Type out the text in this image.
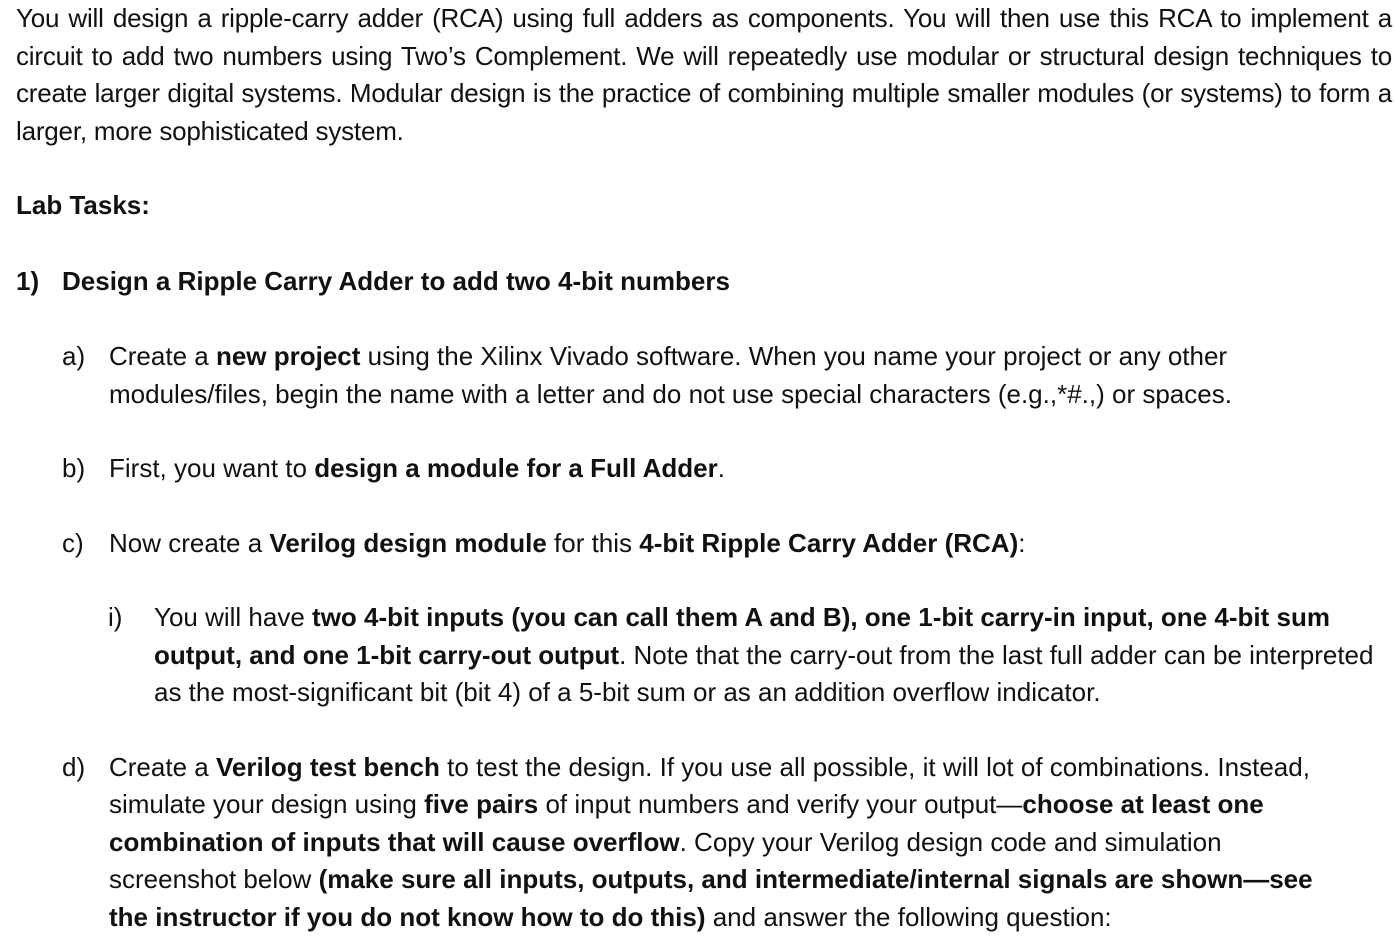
You will design a ripple-carry adder (RCA) using full adders as components. You will then use this RCA to implement a circuit to add two numbers using Two’s Complement. We will repeatedly use modular or structural design techniques to create larger digital systems. Modular design is the practice of combining multiple smaller modules (or systems) to form a larger, more sophisticated system.

Lab Tasks:

1) Design a Ripple Carry Adder to add two 4-bit numbers
a) Create a new project using the Xilinx Vivado software. When you name your project or any other modules/files, begin the name with a letter and do not use special characters (e.g.,*#.,) or spaces.
b) First, you want to design a module for a Full Adder.
c) Now create a Verilog design module for this 4-bit Ripple Carry Adder (RCA):
i)	You will have two 4-bit inputs (you can call them A and B), one 1-bit carry-in input, one 4-bit sum output, and one 1-bit carry-out output. Note that the carry-out from the last full adder can be interpreted as the most-significant bit (bit 4) of a 5-bit sum or as an addition overflow indicator.
d) Create a Verilog test bench to test the design. If you use all possible, it will lot of combinations. Instead, simulate your design using five pairs of input numbers and verify your output—choose at least one combination of inputs that will cause overflow. Copy your Verilog design code and simulation screenshot below (make sure all inputs, outputs, and intermediate/internal signals are shown—see the instructor if you do not know how to do this) and answer the following question:
